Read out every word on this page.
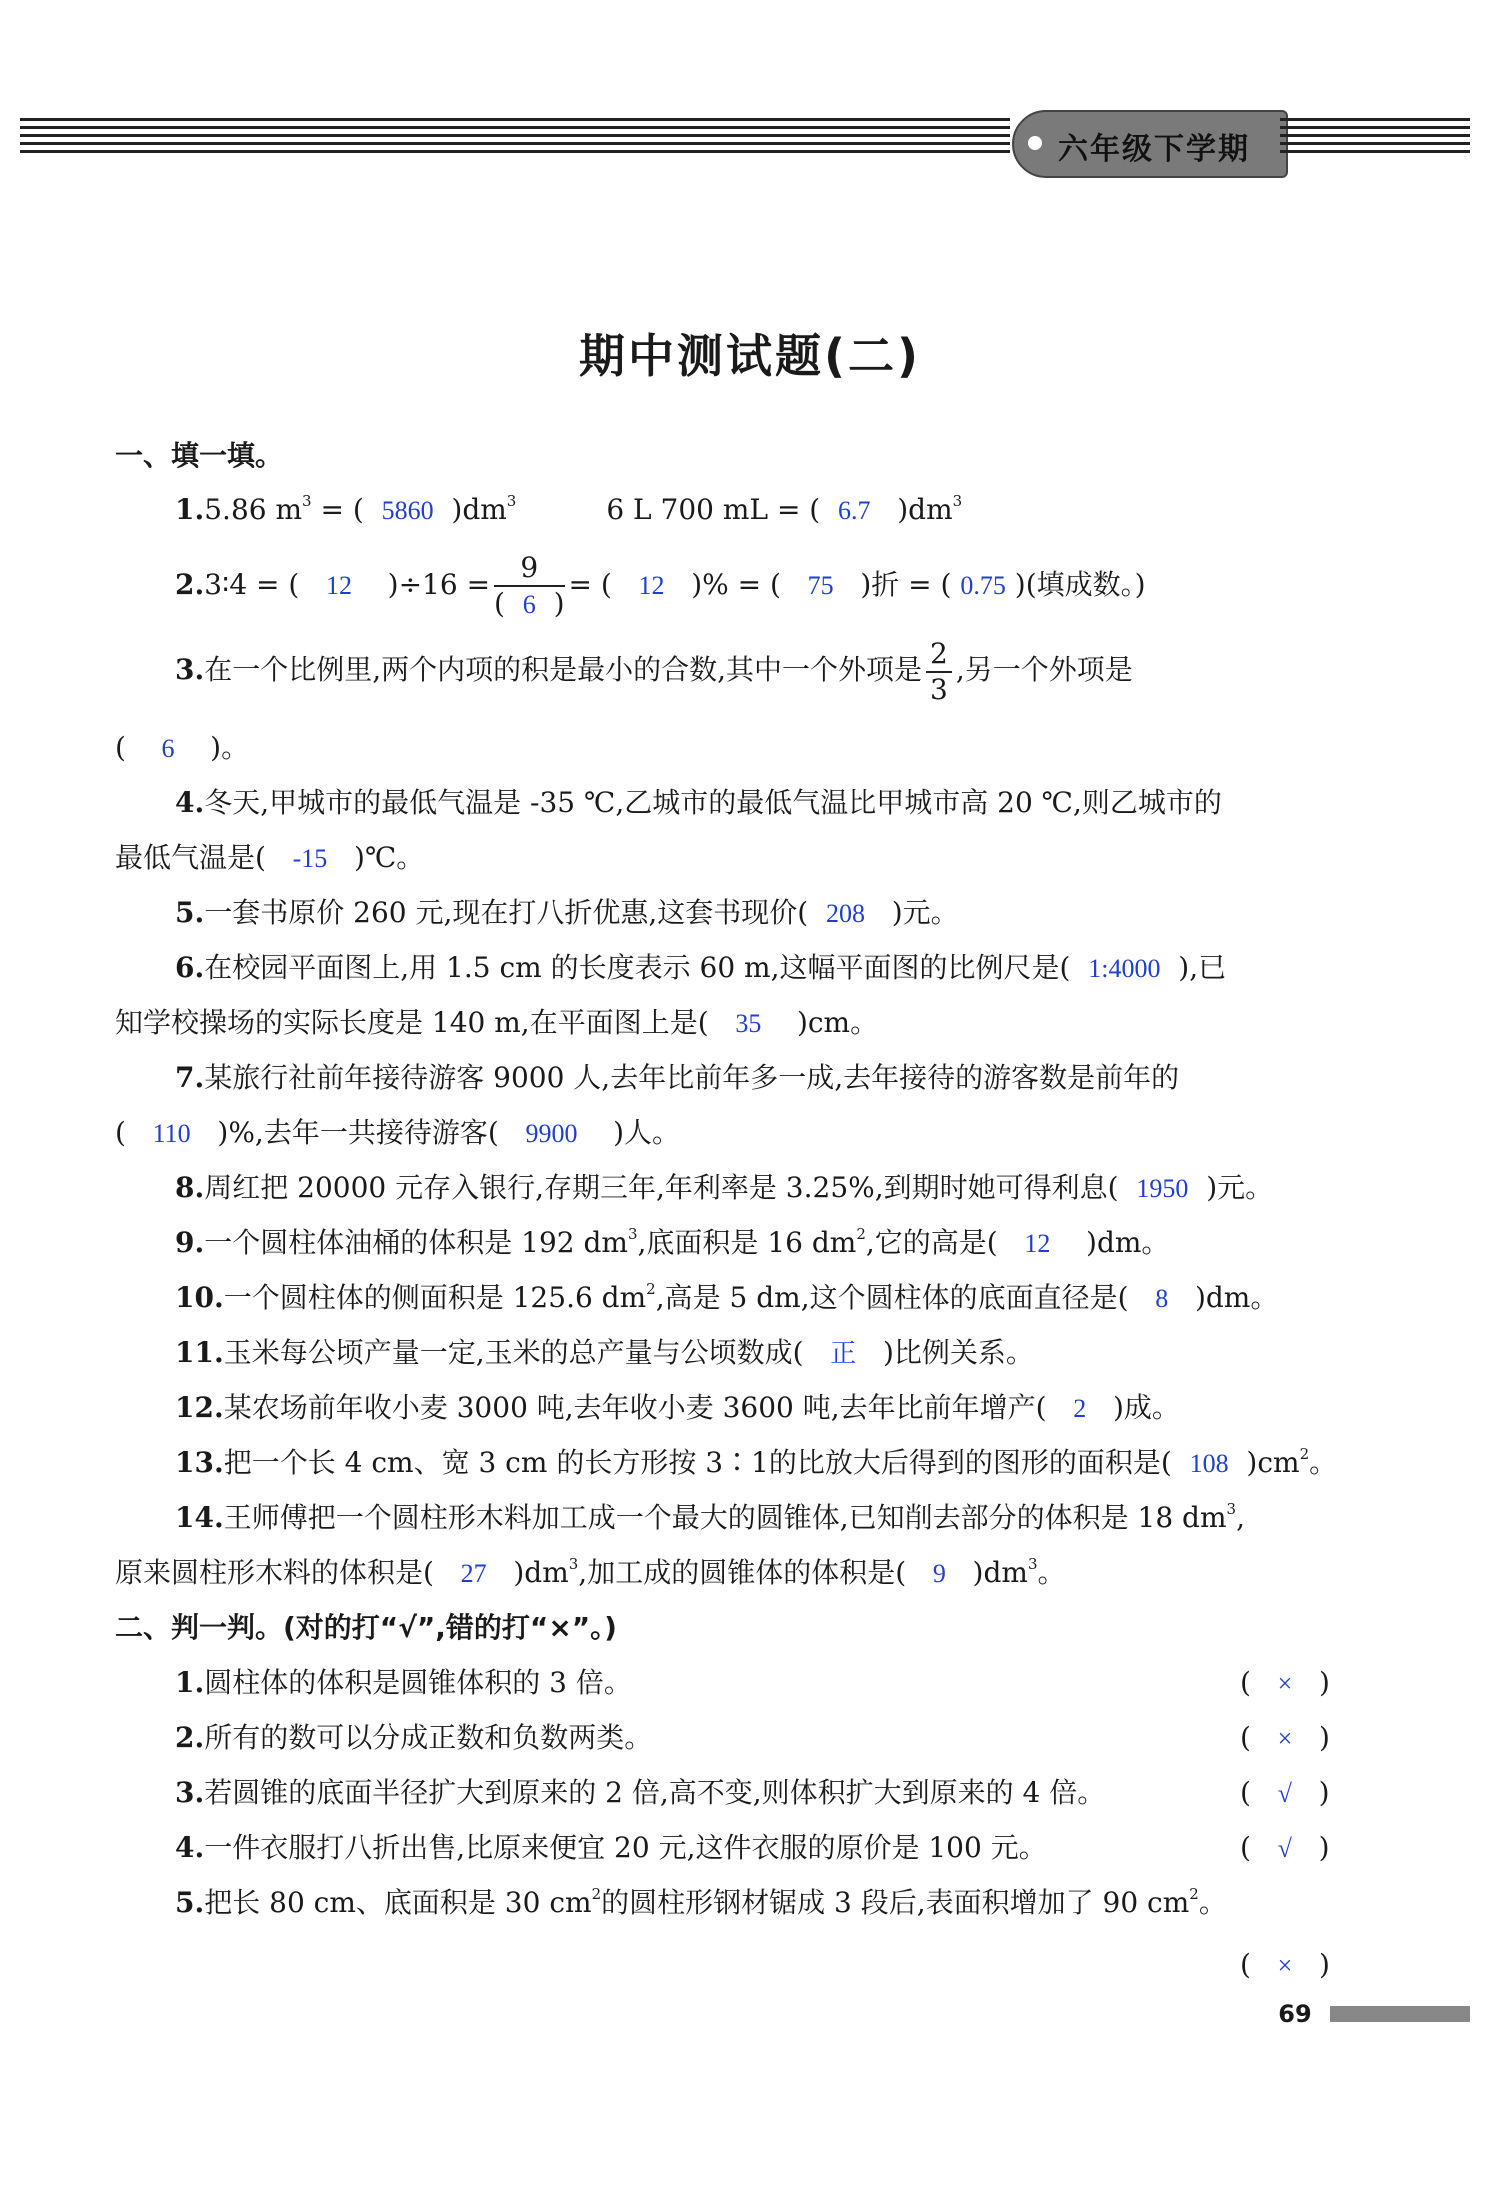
六年级下学期
期中测试题(二)
一、填一填。
1.5.86 $m^3$ = ( 5860 )$dm^3$	6 L 700 mL = ( 6.7 )$dm^3$
2.3∶4 = ( 12 )$\div 16 = \frac{9}{( 6 )}$ = ( 12 )% = ( 75 )折 = ( 0.75 )(填成数。)
3.在一个比例里,两个内项的积是最小的合数,其中一个外项是 $\frac{2}{3}$ ,另一个外项是
( 6 )。
4.冬天,甲城市的最低气温是 -35 ℃,乙城市的最低气温比甲城市高 20 ℃,则乙城市的
最低气温是( -15 )℃。
5.一套书原价 260 元,现在打八折优惠,这套书现价( 208 )元。
6.在校园平面图上,用 1.5 cm 的长度表示 60 m,这幅平面图的比例尺是( 1:4000 ),已
知学校操场的实际长度是 140 m,在平面图上是( 35 )cm。
7.某旅行社前年接待游客 9000 人,去年比前年多一成,去年接待的游客数是前年的
( 110 )%,去年一共接待游客( 9900 )人。
8.周红把 20000 元存入银行,存期三年,年利率是 3.25%,到期时她可得利息( 1950 )元。
9.一个圆柱体油桶的体积是 192 $dm^3$,底面积是 16 $dm^2$,它的高是( 12 )dm。
10.一个圆柱体的侧面积是 125.6 $dm^2$,高是 5 dm,这个圆柱体的底面直径是( 8 )dm。
11.玉米每公顷产量一定,玉米的总产量与公顷数成( 正 )比例关系。
12.某农场前年收小麦 3000 吨,去年收小麦 3600 吨,去年比前年增产( 2 )成。
13.把一个长 4 cm、宽 3 cm 的长方形按 3∶1的比放大后得到的图形的面积是( 108 )$cm^2$。
14.王师傅把一个圆柱形木料加工成一个最大的圆锥体,已知削去部分的体积是 18 $dm^3$,
原来圆柱形木料的体积是( 27 )$dm^3$,加工成的圆锥体的体积是( 9 )$dm^3$。
二、判一判。(对的打“√”,错的打“×”。)
1.圆柱体的体积是圆锥体积的 3 倍。	( × )
2.所有的数可以分成正数和负数两类。	( × )
3.若圆锥的底面半径扩大到原来的 2 倍,高不变,则体积扩大到原来的 4 倍。	( √ )
4.一件衣服打八折出售,比原来便宜 20 元,这件衣服的原价是 100 元。	( √ )
5.把长 80 cm、底面积是 30 $cm^2$的圆柱形钢材锯成 3 段后,表面积增加了 90 $cm^2$。
( × )
69
